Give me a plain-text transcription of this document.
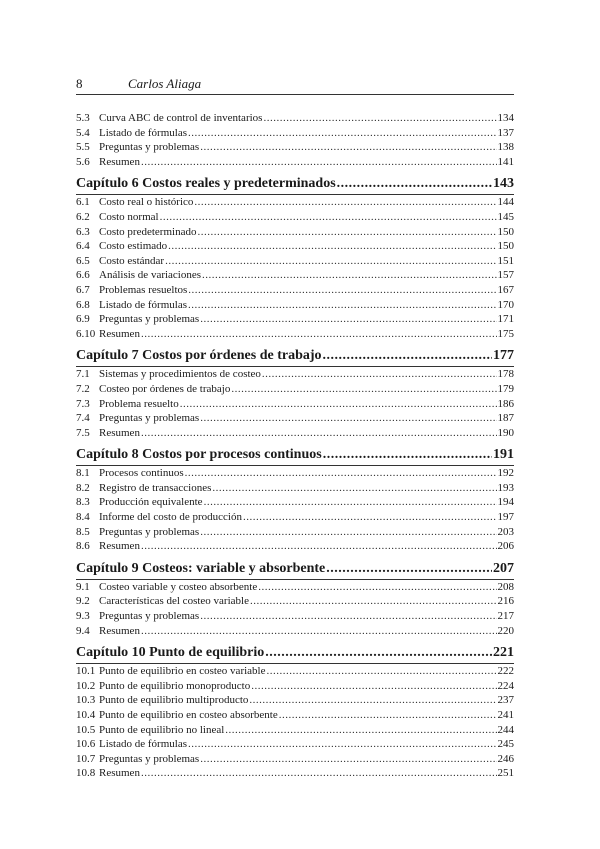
8	Carlos Aliaga
5.3 Curva ABC de control de inventarios .....	134
5.4 Listado de fórmulas .....	137
5.5 Preguntas y problemas .....	138
5.6 Resumen .....	141
Capítulo 6 Costos reales y predeterminados .....	143
6.1 Costo real o histórico .....	144
6.2 Costo normal .....	145
6.3 Costo predeterminado .....	150
6.4 Costo estimado .....	150
6.5 Costo estándar .....	151
6.6 Análisis de variaciones .....	157
6.7 Problemas resueltos .....	167
6.8 Listado de fórmulas .....	170
6.9 Preguntas y problemas .....	171
6.10 Resumen .....	175
Capítulo 7 Costos por órdenes de trabajo .....	177
7.1 Sistemas y procedimientos de costeo .....	178
7.2 Costeo por órdenes de trabajo .....	179
7.3 Problema resuelto .....	186
7.4 Preguntas y problemas .....	187
7.5 Resumen .....	190
Capítulo 8 Costos por procesos continuos .....	191
8.1 Procesos continuos .....	192
8.2 Registro de transacciones .....	193
8.3 Producción equivalente .....	194
8.4 Informe del costo de producción .....	197
8.5 Preguntas y problemas .....	203
8.6 Resumen .....	206
Capítulo 9 Costeos: variable y absorbente .....	207
9.1 Costeo variable y costeo absorbente .....	208
9.2 Características del costeo variable .....	216
9.3 Preguntas y problemas .....	217
9.4 Resumen .....	220
Capítulo 10 Punto de equilibrio .....	221
10.1 Punto de equilibrio en costeo variable .....	222
10.2 Punto de equilibrio monoproducto .....	224
10.3 Punto de equilibrio multiproducto .....	237
10.4 Punto de equilibrio en costeo absorbente .....	241
10.5 Punto de equilibrio no lineal .....	244
10.6 Listado de fórmulas .....	245
10.7 Preguntas y problemas .....	246
10.8 Resumen .....	251
